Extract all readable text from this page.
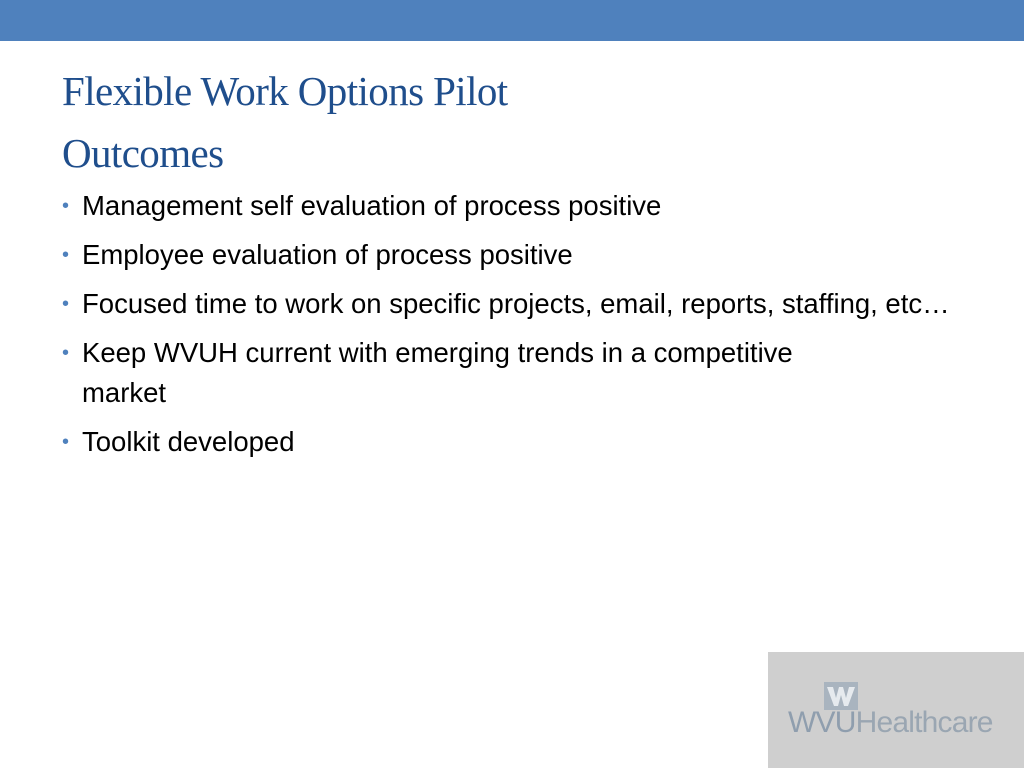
Flexible Work Options Pilot
Outcomes
• Management self evaluation of process positive
• Employee evaluation of process positive
• Focused time to work on specific projects, email, reports, staffing, etc…
• Keep WVUH current with emerging trends in a competitive market
• Toolkit developed
WVUHealthcare
